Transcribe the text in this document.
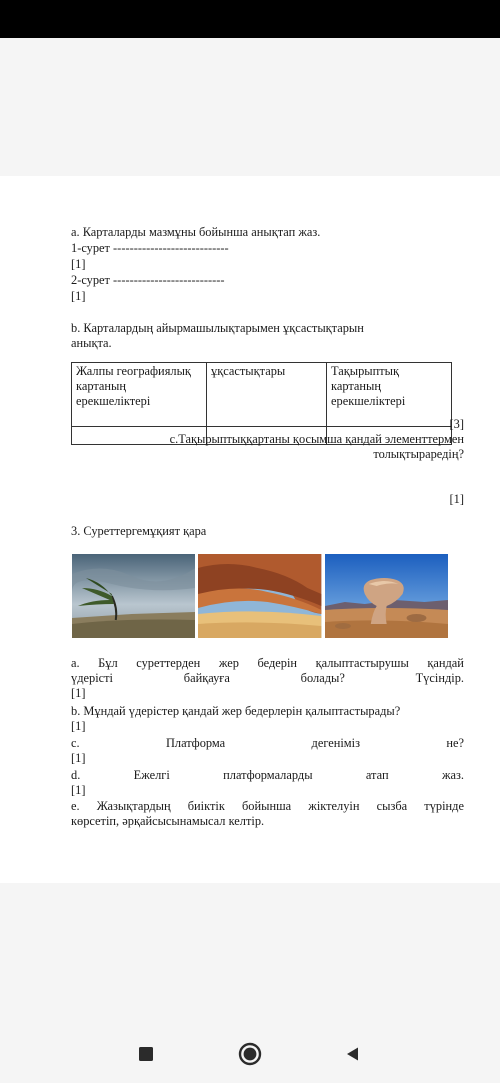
a. Карталарды мазмұны бойынша анықтап жаз.
1-сурет ----------------------------
[1]
2-сурет ---------------------------
[1]
b. Карталардың айырмашылықтарымен ұқсастықтарын
анықта.
Жалпы географиялық картаның ерекшеліктері	ұқсастықтары	Тақырыптық картаның ерекшеліктері

[3]
c.Тақырыптыққартаны қосымша қандай элементтермен
толықтыраредің?
[1]
3. Суреттергемұқият қара
a. Бұл суреттерден жер бедерін қалыптастырушы қандай
үдерісті	байқауға	болады?	Түсіндір.
[1]
b. Мұндай үдерістер қандай жер бедерлерін қалыптастырады?
[1]
c.	Платформа	дегеніміз	не?
[1]
d.	Ежелгі	платформаларды	атап	жаз.
[1]
e. Жазықтардың биіктік бойынша жіктелуін сызба түрінде
көрсетіп, әрқайсысынамысал келтір.
